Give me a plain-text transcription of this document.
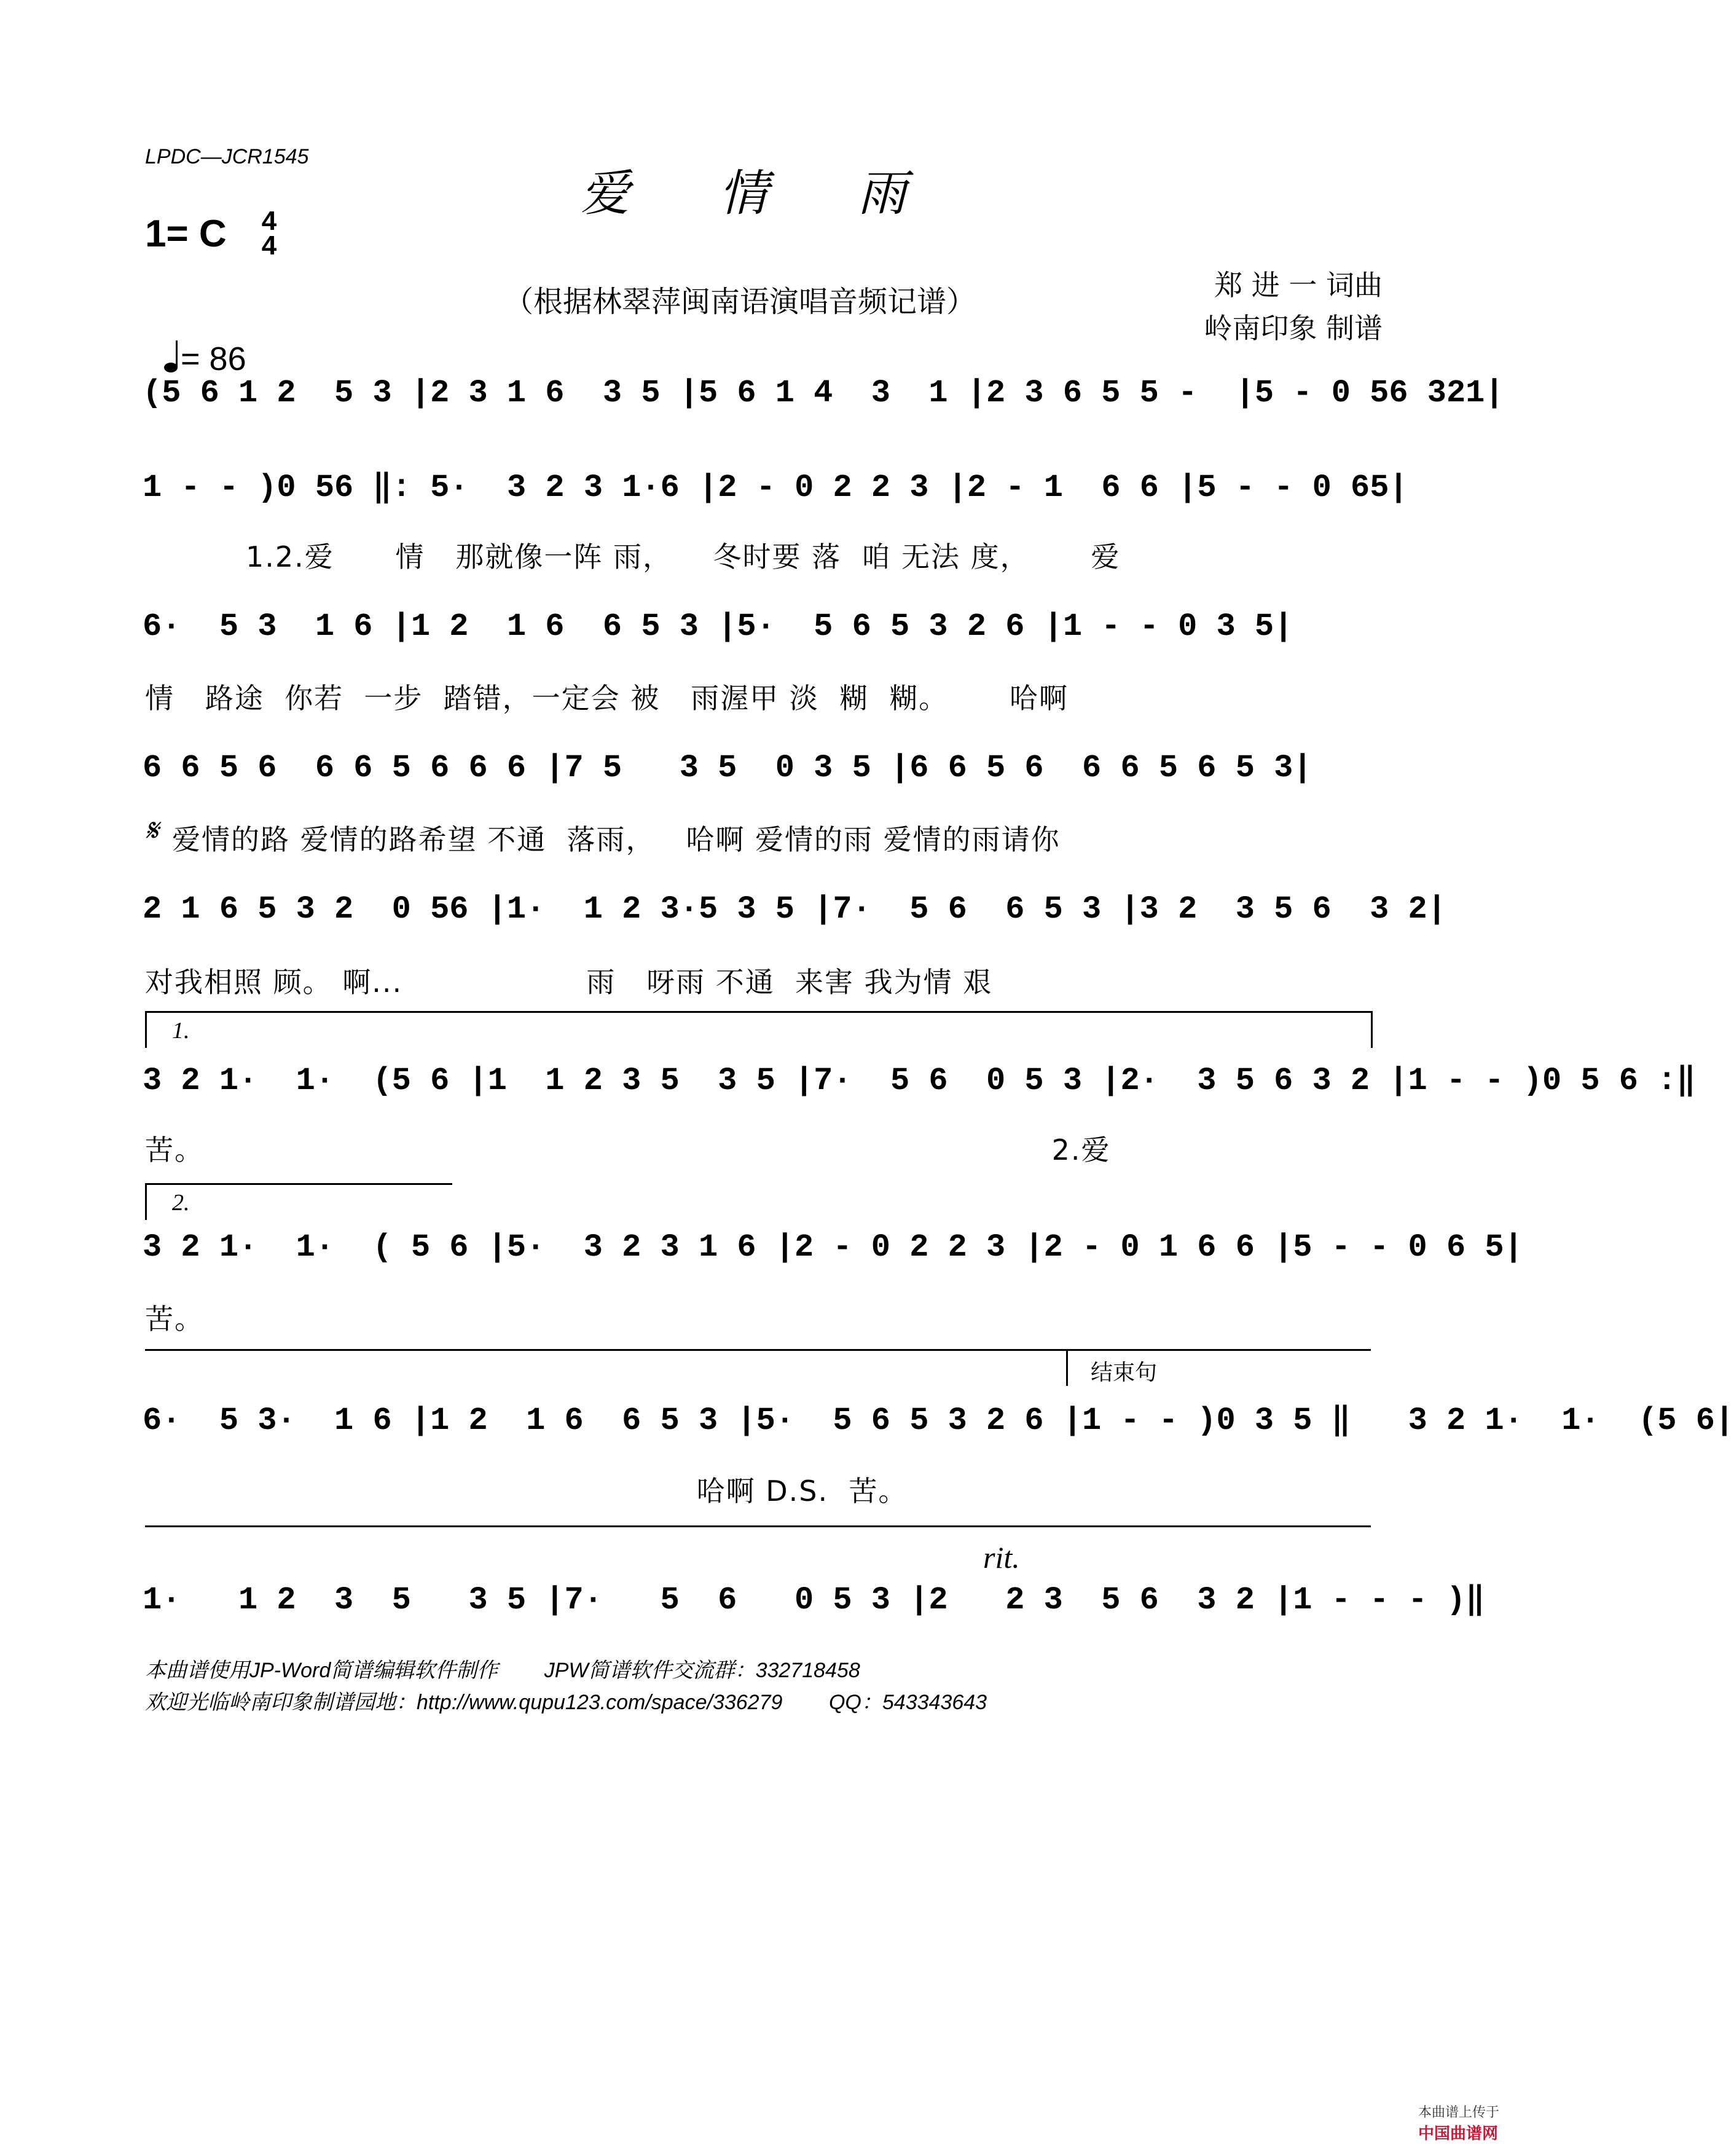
LPDC—JCR1545
爱 情 雨
1= C 4
4

= 86

（根据林翠萍闽南语演唱音频记谱）	郑 进 一 词曲
岭南印象 制谱
(5 6 1 2  5 3 |2 3 1 6  3 5 |5 6 1 4  3  1 |2 3 6 5 5 -  |5 - 0 56 321|
1 - - )0 56 ‖: 5·  3 2 3 1·6 |2 - 0 2 2 3 |2 - 1  6 6 |5 - - 0 65|
1.2.爱      情   那就像一阵 雨，    冬时要 落  咱 无法 度，      爱
6·  5 3  1 6 |1 2  1 6  6 5 3 |5·  5 6 5 3 2 6 |1 - - 0 3 5|
情   路途  你若  一步  踏错，一定会 被   雨渥甲 淡  糊  糊。      哈啊
6 6 5 6  6 6 5 6 6 6 |7 5   3 5  0 3 5 |6 6 5 6  6 6 5 6 5 3|
𝄋 爱情的路 爱情的路希望 不通  落雨，   哈啊 爱情的雨 爱情的雨请你
2 1 6 5 3 2  0 56 |1·  1 2 3·5 3 5 |7·  5 6  6 5 3 |3 2  3 5 6  3 2|
对我相照 顾。 啊...                  雨   呀雨 不通  来害 我为情 艰
1.
3 2 1·  1·  (5 6 |1  1 2 3 5  3 5 |7·  5 6  0 5 3 |2·  3 5 6 3 2 |1 - - )0 5 6 :‖
苦。                                                                                   2.爱
2.
3 2 1·  1·  ( 5 6 |5·  3 2 3 1 6 |2 - 0 2 2 3 |2 - 0 1 6 6 |5 - - 0 6 5|
苦。
结束句
6·  5 3·  1 6 |1 2  1 6  6 5 3 |5·  5 6 5 3 2 6 |1 - - )0 3 5 ‖   3 2 1·  1·  (5 6|
哈啊 D.S.  苦。
rit.
1·   1 2  3  5   3 5 |7·   5  6   0 5 3 |2   2 3  5 6  3 2 |1 - - - )‖
本曲谱使用JP-Word简谱编辑软件制作        JPW简谱软件交流群：332718458
欢迎光临岭南印象制谱园地：http://www.qupu123.com/space/336279        QQ：543343643

本曲谱上传于
中国曲谱网
